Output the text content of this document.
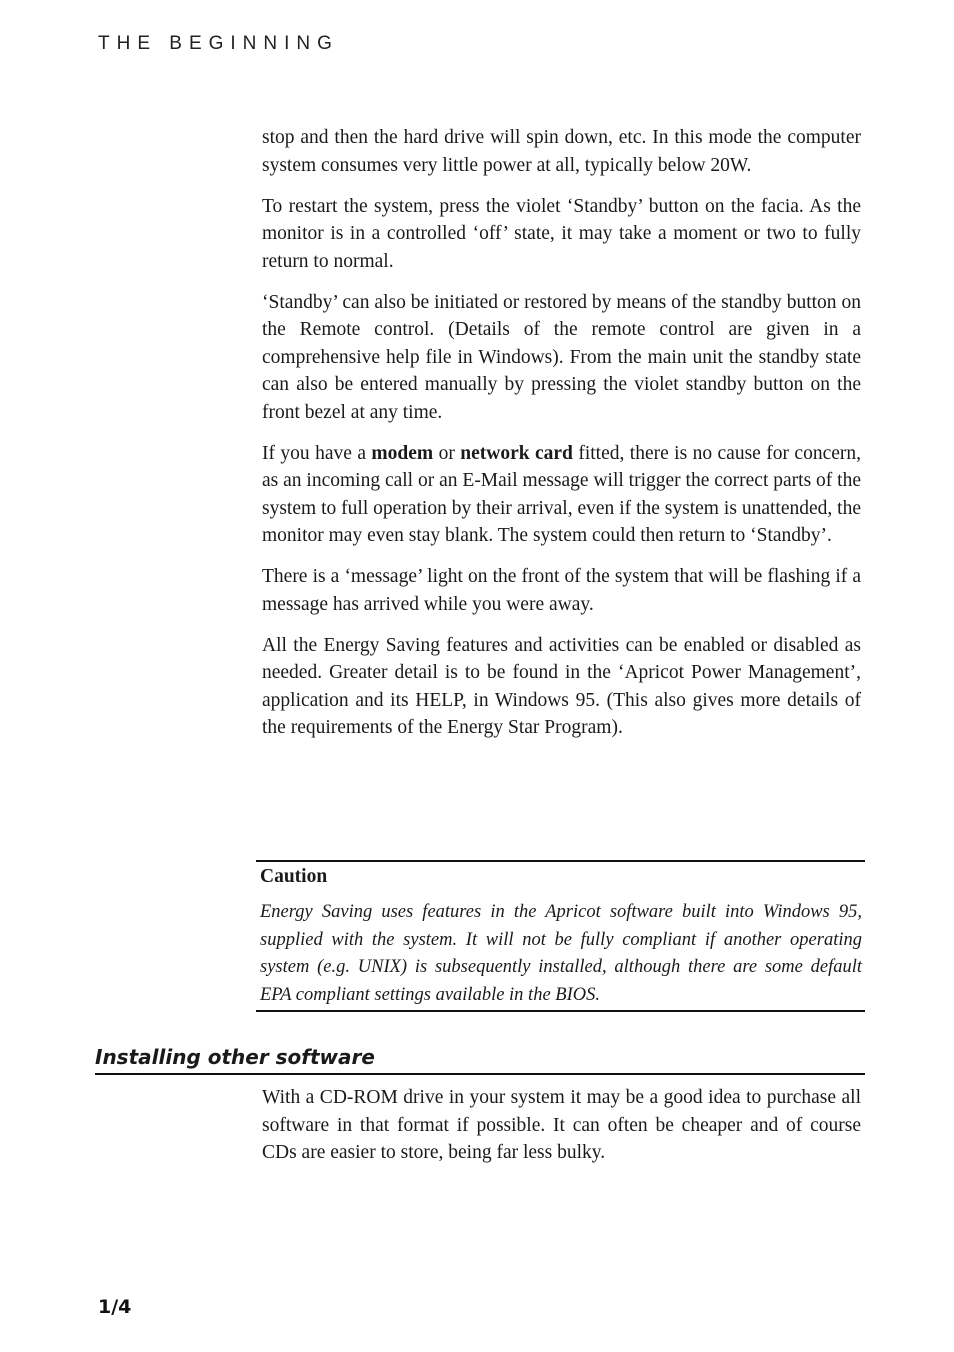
THE BEGINNING

stop and then the hard drive will spin down, etc. In this mode the computer system consumes very little power at all, typically below 20W.

To restart the system, press the violet ‘Standby’ button on the facia. As the monitor is in a controlled ‘off’ state, it may take a moment or two to fully return to normal.

‘Standby’ can also be initiated or restored by means of the standby button on the Remote control. (Details of the remote control are given in a comprehensive help file in Windows). From the main unit the standby state can also be entered manually by pressing the violet standby button on the front bezel at any time.

If you have a modem or network card fitted, there is no cause for concern, as an incoming call or an E-Mail message will trigger the correct parts of the system to full operation by their arrival, even if the system is unattended, the monitor may even stay blank. The system could then return to ‘Standby’.

There is a ‘message’ light on the front of the system that will be flashing if a message has arrived while you were away.

All the Energy Saving features and activities can be enabled or disabled as needed. Greater detail is to be found in the ‘Apricot Power Management’, application and its HELP, in Windows 95. (This also gives more details of the requirements of the Energy Star Program).

Caution
Energy Saving uses features in the Apricot software built into Windows 95, supplied with the system. It will not be fully compliant if another operating system (e.g. UNIX) is subsequently installed, although there are some default EPA compliant settings available in the BIOS.
Installing other software

With a CD-ROM drive in your system it may be a good idea to purchase all software in that format if possible. It can often be cheaper and of course CDs are easier to store, being far less bulky.

1/4
